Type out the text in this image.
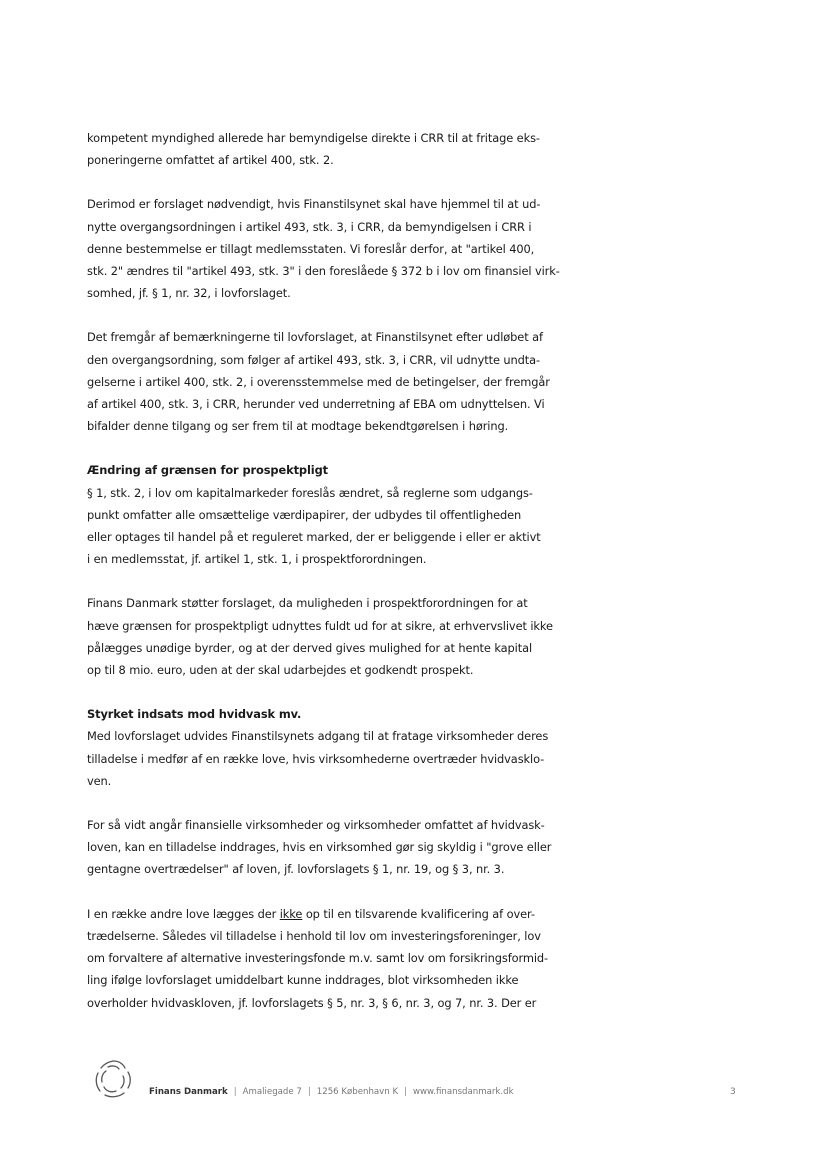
kompetent myndighed allerede har bemyndigelse direkte i CRR til at fritage eks-
poneringerne omfattet af artikel 400, stk. 2.

Derimod er forslaget nødvendigt, hvis Finanstilsynet skal have hjemmel til at ud-
nytte overgangsordningen i artikel 493, stk. 3, i CRR, da bemyndigelsen i CRR i
denne bestemmelse er tillagt medlemsstaten. Vi foreslår derfor, at "artikel 400,
stk. 2" ændres til "artikel 493, stk. 3" i den foreslåede § 372 b i lov om finansiel virk-
somhed, jf. § 1, nr. 32, i lovforslaget.

Det fremgår af bemærkningerne til lovforslaget, at Finanstilsynet efter udløbet af
den overgangsordning, som følger af artikel 493, stk. 3, i CRR, vil udnytte undta-
gelserne i artikel 400, stk. 2, i overensstemmelse med de betingelser, der fremgår
af artikel 400, stk. 3, i CRR, herunder ved underretning af EBA om udnyttelsen. Vi
bifalder denne tilgang og ser frem til at modtage bekendtgørelsen i høring.

Ændring af grænsen for prospektpligt

§ 1, stk. 2, i lov om kapitalmarkeder foreslås ændret, så reglerne som udgangs-
punkt omfatter alle omsættelige værdipapirer, der udbydes til offentligheden
eller optages til handel på et reguleret marked, der er beliggende i eller er aktivt
i en medlemsstat, jf. artikel 1, stk. 1, i prospektforordningen.

Finans Danmark støtter forslaget, da muligheden i prospektforordningen for at
hæve grænsen for prospektpligt udnyttes fuldt ud for at sikre, at erhvervslivet ikke
pålægges unødige byrder, og at der derved gives mulighed for at hente kapital
op til 8 mio. euro, uden at der skal udarbejdes et godkendt prospekt.

Styrket indsats mod hvidvask mv.

Med lovforslaget udvides Finanstilsynets adgang til at fratage virksomheder deres
tilladelse i medfør af en række love, hvis virksomhederne overtræder hvidvasklo-
ven.

For så vidt angår finansielle virksomheder og virksomheder omfattet af hvidvask-
loven, kan en tilladelse inddrages, hvis en virksomhed gør sig skyldig i "grove eller
gentagne overtrædelser" af loven, jf. lovforslagets § 1, nr. 19, og § 3, nr. 3.

I en række andre love lægges der ikke op til en tilsvarende kvalificering af over-
trædelserne. Således vil tilladelse i henhold til lov om investeringsforeninger, lov
om forvaltere af alternative investeringsfonde m.v. samt lov om forsikringsformid-
ling ifølge lovforslaget umiddelbart kunne inddrages, blot virksomheden ikke
overholder hvidvaskloven, jf. lovforslagets § 5, nr. 3, § 6, nr. 3, og 7, nr. 3. Der er

Finans Danmark | Amaliegade 7 | 1256 København K | www.finansdanmark.dk	3
